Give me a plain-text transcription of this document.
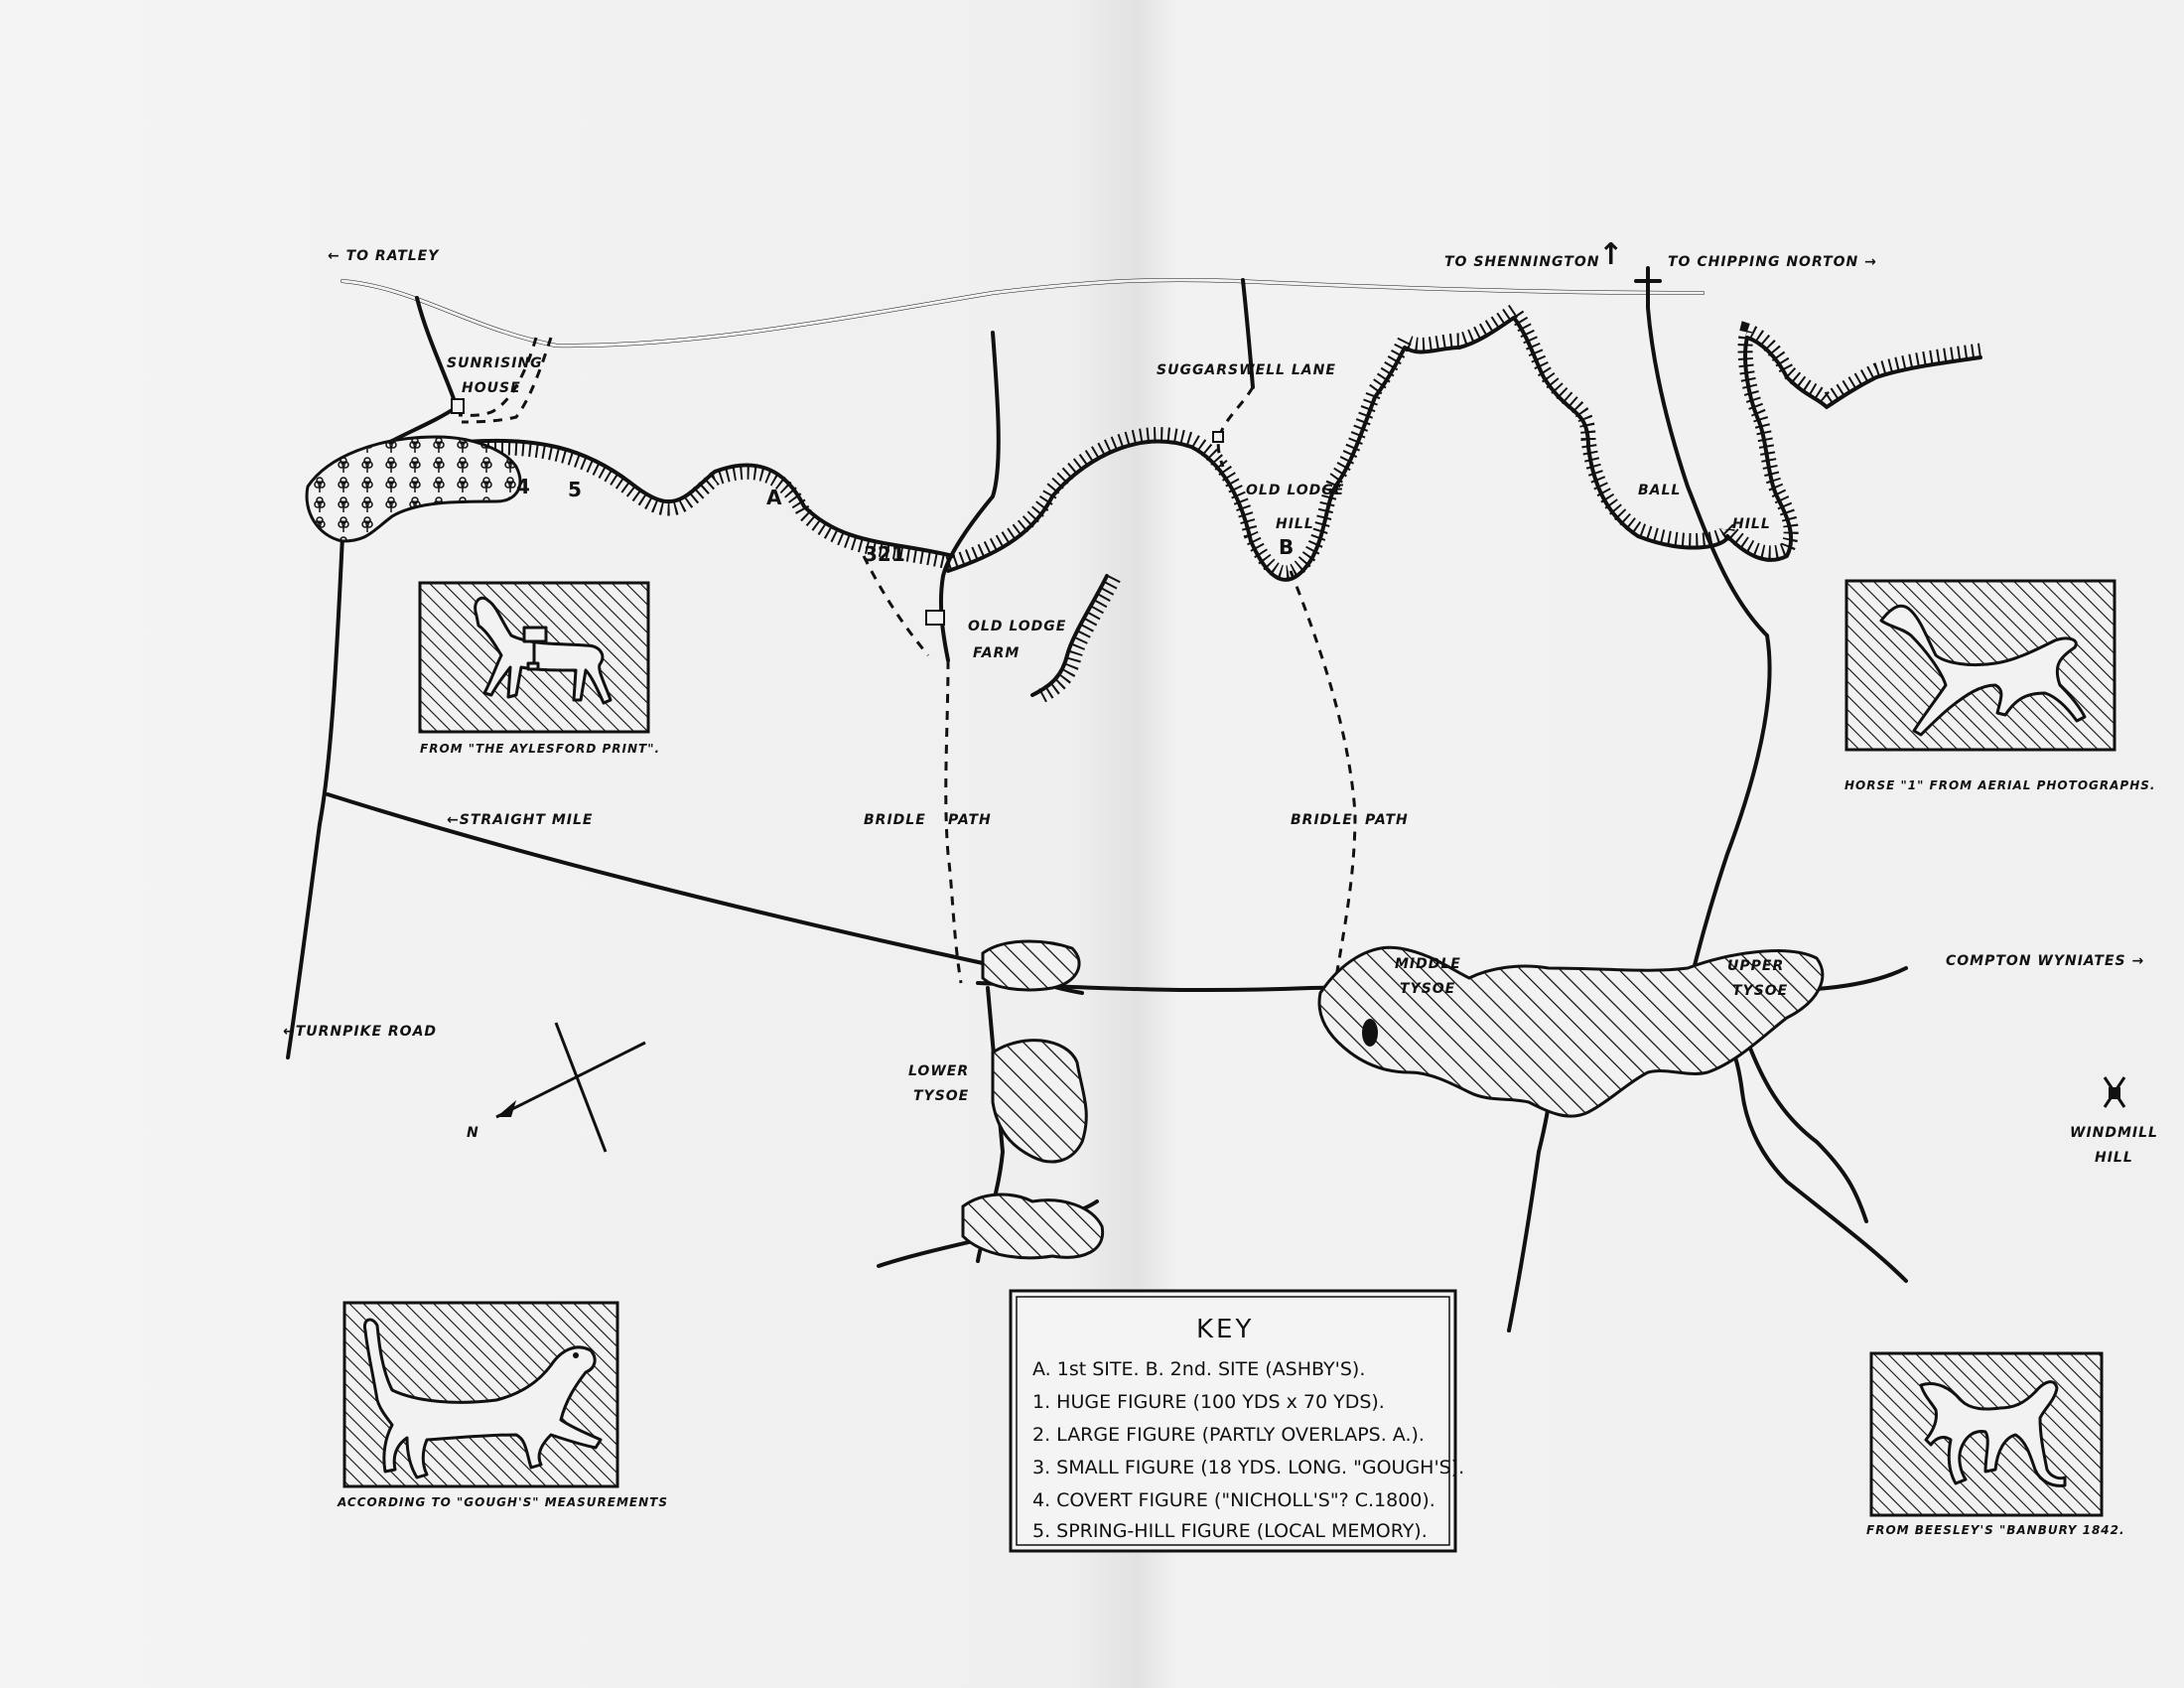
N
← TO RATLEY	TO SHENNINGTON
↑	TO CHIPPING NORTON →
SUNRISING
HOUSE
SUGGARSWELL LANE
OLD LODGE
HILL
BALL
HILL
OLD LODGE
FARM
←STRAIGHT MILE	BRIDLE PATH	BRIDLE PATH
COMPTON WYNIATES →
←TURNPIKE ROAD
MIDDLE
TYSOE
UPPER
TYSOE
LOWER
TYSOE
WINDMILL
HILL
A
B
4 5
321
FROM "THE AYLESFORD PRINT".
HORSE "1" FROM AERIAL PHOTOGRAPHS.
ACCORDING TO "GOUGH'S" MEASUREMENTS
FROM BEESLEY'S "BANBURY 1842.
KEY
A. 1st SITE. B. 2nd. SITE (ASHBY'S).
1. HUGE FIGURE (100 YDS x 70 YDS).
2. LARGE FIGURE (PARTLY OVERLAPS. A.).
3. SMALL FIGURE (18 YDS. LONG. "GOUGH'S).
4. COVERT FIGURE ("NICHOLL'S"? C.1800).
5. SPRING-HILL FIGURE (LOCAL MEMORY).
